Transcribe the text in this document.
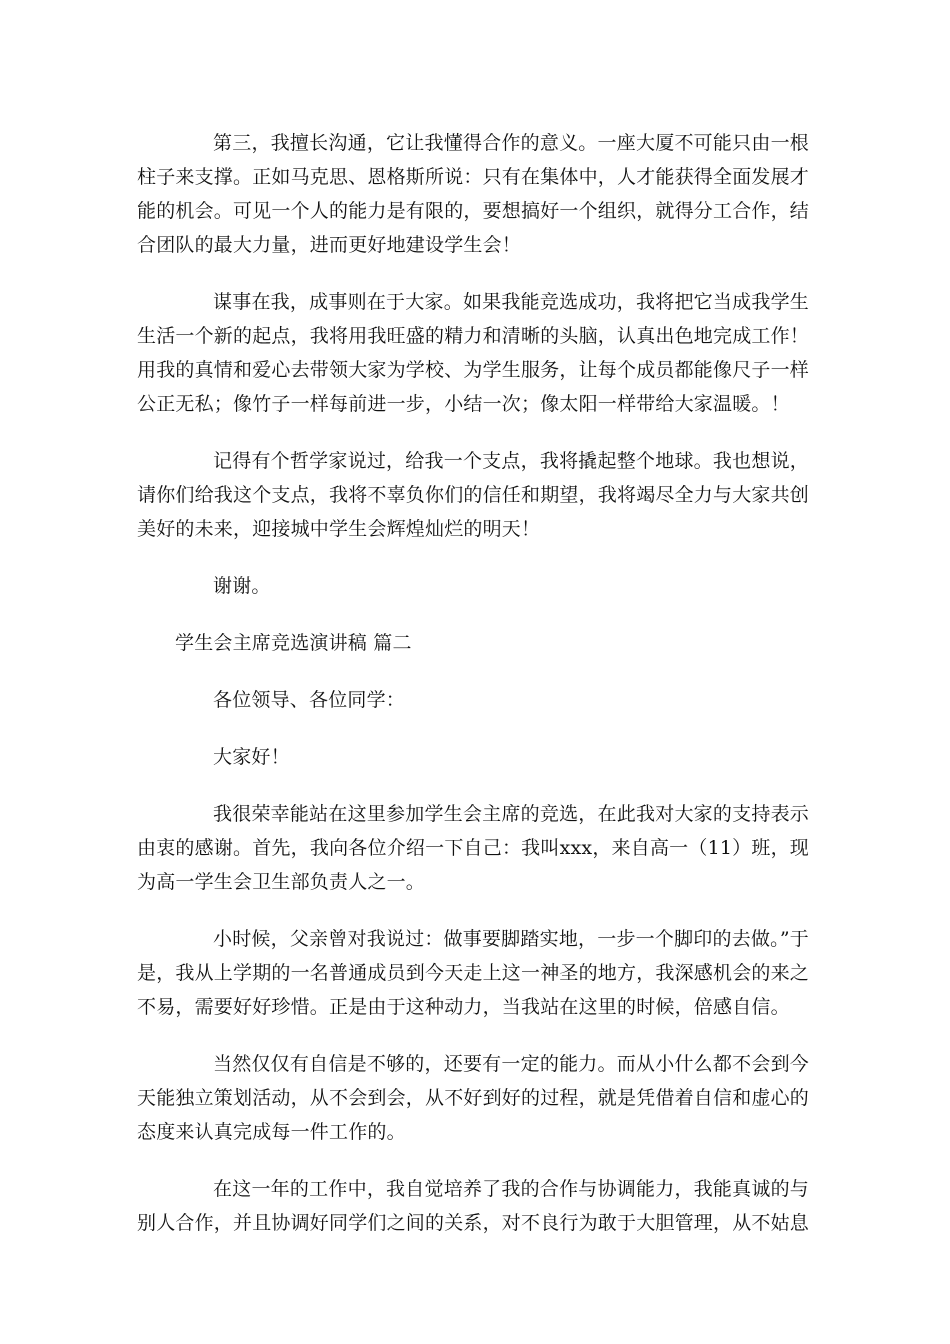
第三，我擅长沟通，它让我懂得合作的意义。一座大厦不可能只由一根柱子来支撑。正如马克思、恩格斯所说：只有在集体中，人才能获得全面发展才能的机会。可见一个人的能力是有限的，要想搞好一个组织，就得分工合作，结合团队的最大力量，进而更好地建设学生会！

谋事在我，成事则在于大家。如果我能竞选成功，我将把它当成我学生生活一个新的起点，我将用我旺盛的精力和清晰的头脑，认真出色地完成工作！用我的真情和爱心去带领大家为学校、为学生服务，让每个成员都能像尺子一样公正无私；像竹子一样每前进一步，小结一次；像太阳一样带给大家温暖。！

记得有个哲学家说过，给我一个支点，我将撬起整个地球。我也想说，请你们给我这个支点，我将不辜负你们的信任和期望，我将竭尽全力与大家共创美好的未来，迎接城中学生会辉煌灿烂的明天！

谢谢。

学生会主席竞选演讲稿 篇二

各位领导、各位同学：

大家好！

我很荣幸能站在这里参加学生会主席的竞选，在此我对大家的支持表示由衷的感谢。首先，我向各位介绍一下自己：我叫xxx，来自高一（11）班，现为高一学生会卫生部负责人之一。

小时候，父亲曾对我说过：做事要脚踏实地，一步一个脚印的去做。”于是，我从上学期的一名普通成员到今天走上这一神圣的地方，我深感机会的来之不易，需要好好珍惜。正是由于这种动力，当我站在这里的时候，倍感自信。

当然仅仅有自信是不够的，还要有一定的能力。而从小什么都不会到今天能独立策划活动，从不会到会，从不好到好的过程，就是凭借着自信和虚心的态度来认真完成每一件工作的。

在这一年的工作中，我自觉培养了我的合作与协调能力，我能真诚的与别人合作，并且协调好同学们之间的关系，对不良行为敢于大胆管理，从不姑息
